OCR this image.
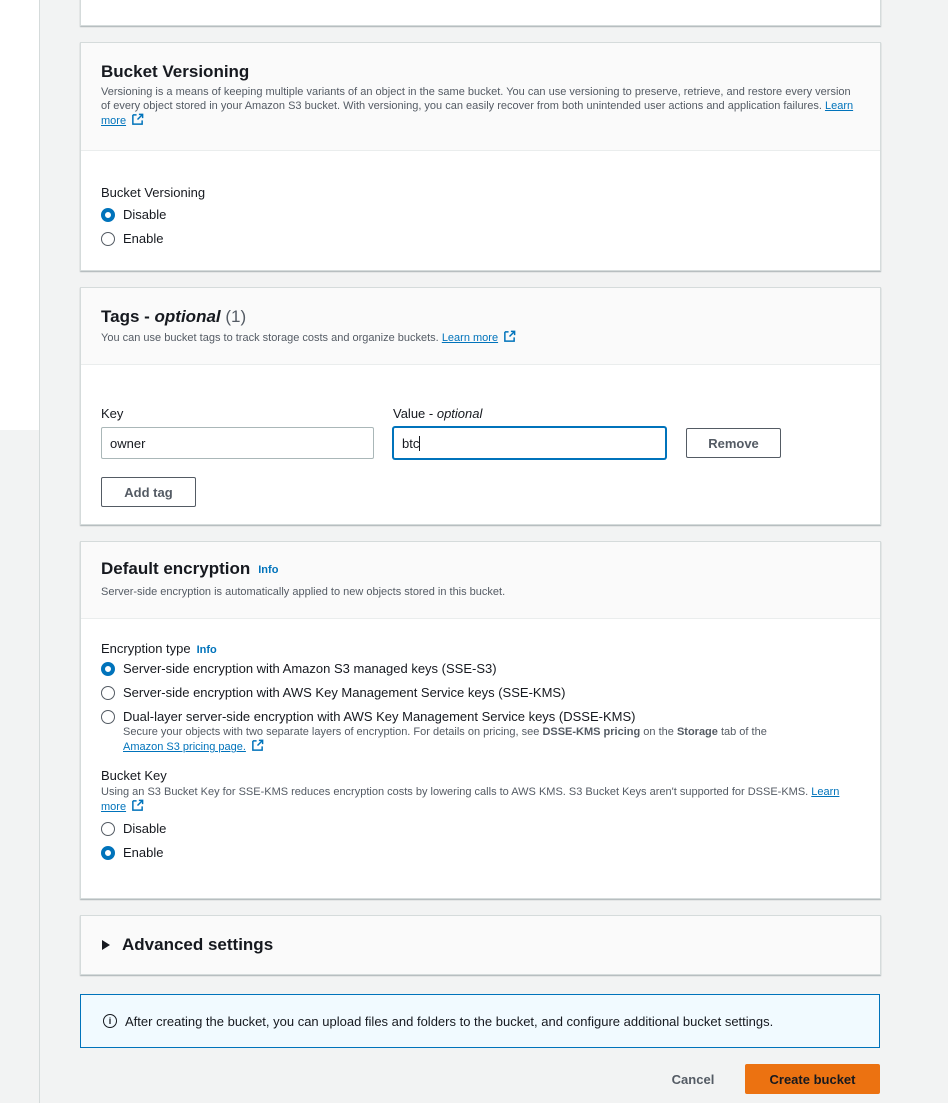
Bucket Versioning
Versioning is a means of keeping multiple variants of an object in the same bucket. You can use versioning to preserve, retrieve, and restore every version of every object stored in your Amazon S3 bucket. With versioning, you can easily recover from both unintended user actions and application failures. Learn more
Bucket Versioning
Disable
Enable
Tags - optional (1)
You can use bucket tags to track storage costs and organize buckets. Learn more
Key	Value - optional
owner	btc	Remove
Add tag
Default encryption Info
Server-side encryption is automatically applied to new objects stored in this bucket.
Encryption type Info
Server-side encryption with Amazon S3 managed keys (SSE-S3)
Server-side encryption with AWS Key Management Service keys (SSE-KMS)
Dual-layer server-side encryption with AWS Key Management Service keys (DSSE-KMS)
Secure your objects with two separate layers of encryption. For details on pricing, see DSSE-KMS pricing on the Storage tab of the
Amazon S3 pricing page.
Bucket Key
Using an S3 Bucket Key for SSE-KMS reduces encryption costs by lowering calls to AWS KMS. S3 Bucket Keys aren't supported for DSSE-KMS. Learn more
Disable
Enable
Advanced settings
i	After creating the bucket, you can upload files and folders to the bucket, and configure additional bucket settings.
Cancel	Create bucket
